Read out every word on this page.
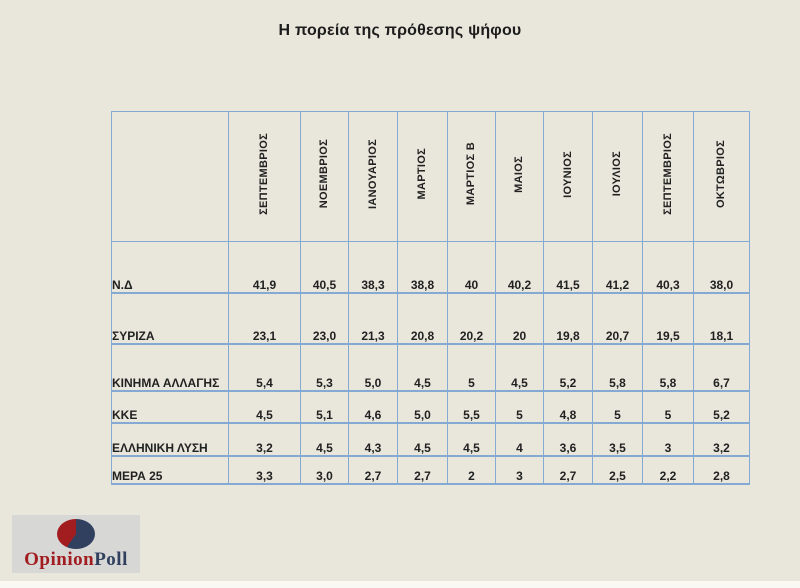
Η πορεία της πρόθεσης ψήφου
	ΣΕΠΤΕΜΒΡΙΟΣ	ΝΟΕΜΒΡΙΟΣ	ΙΑΝΟΥΑΡΙΟΣ	ΜΑΡΤΙΟΣ	ΜΑΡΤΙΟΣ Β	ΜΑΙΟΣ	ΙΟΥΝΙΟΣ	ΙΟΥΛΙΟΣ	ΣΕΠΤΕΜΒΡΙΟΣ	ΟΚΤΩΒΡΙΟΣ
Ν.Δ	41,9	40,5	38,3	38,8	40	40,2	41,5	41,2	40,3	38,0
ΣΥΡΙΖΑ	23,1	23,0	21,3	20,8	20,2	20	19,8	20,7	19,5	18,1
ΚΙΝΗΜΑ ΑΛΛΑΓΗΣ	5,4	5,3	5,0	4,5	5	4,5	5,2	5,8	5,8	6,7
ΚΚΕ	4,5	5,1	4,6	5,0	5,5	5	4,8	5	5	5,2
ΕΛΛΗΝΙΚΗ ΛΥΣΗ	3,2	4,5	4,3	4,5	4,5	4	3,6	3,5	3	3,2
ΜΕΡΑ 25	3,3	3,0	2,7	2,7	2	3	2,7	2,5	2,2	2,8
OpinionPoll
